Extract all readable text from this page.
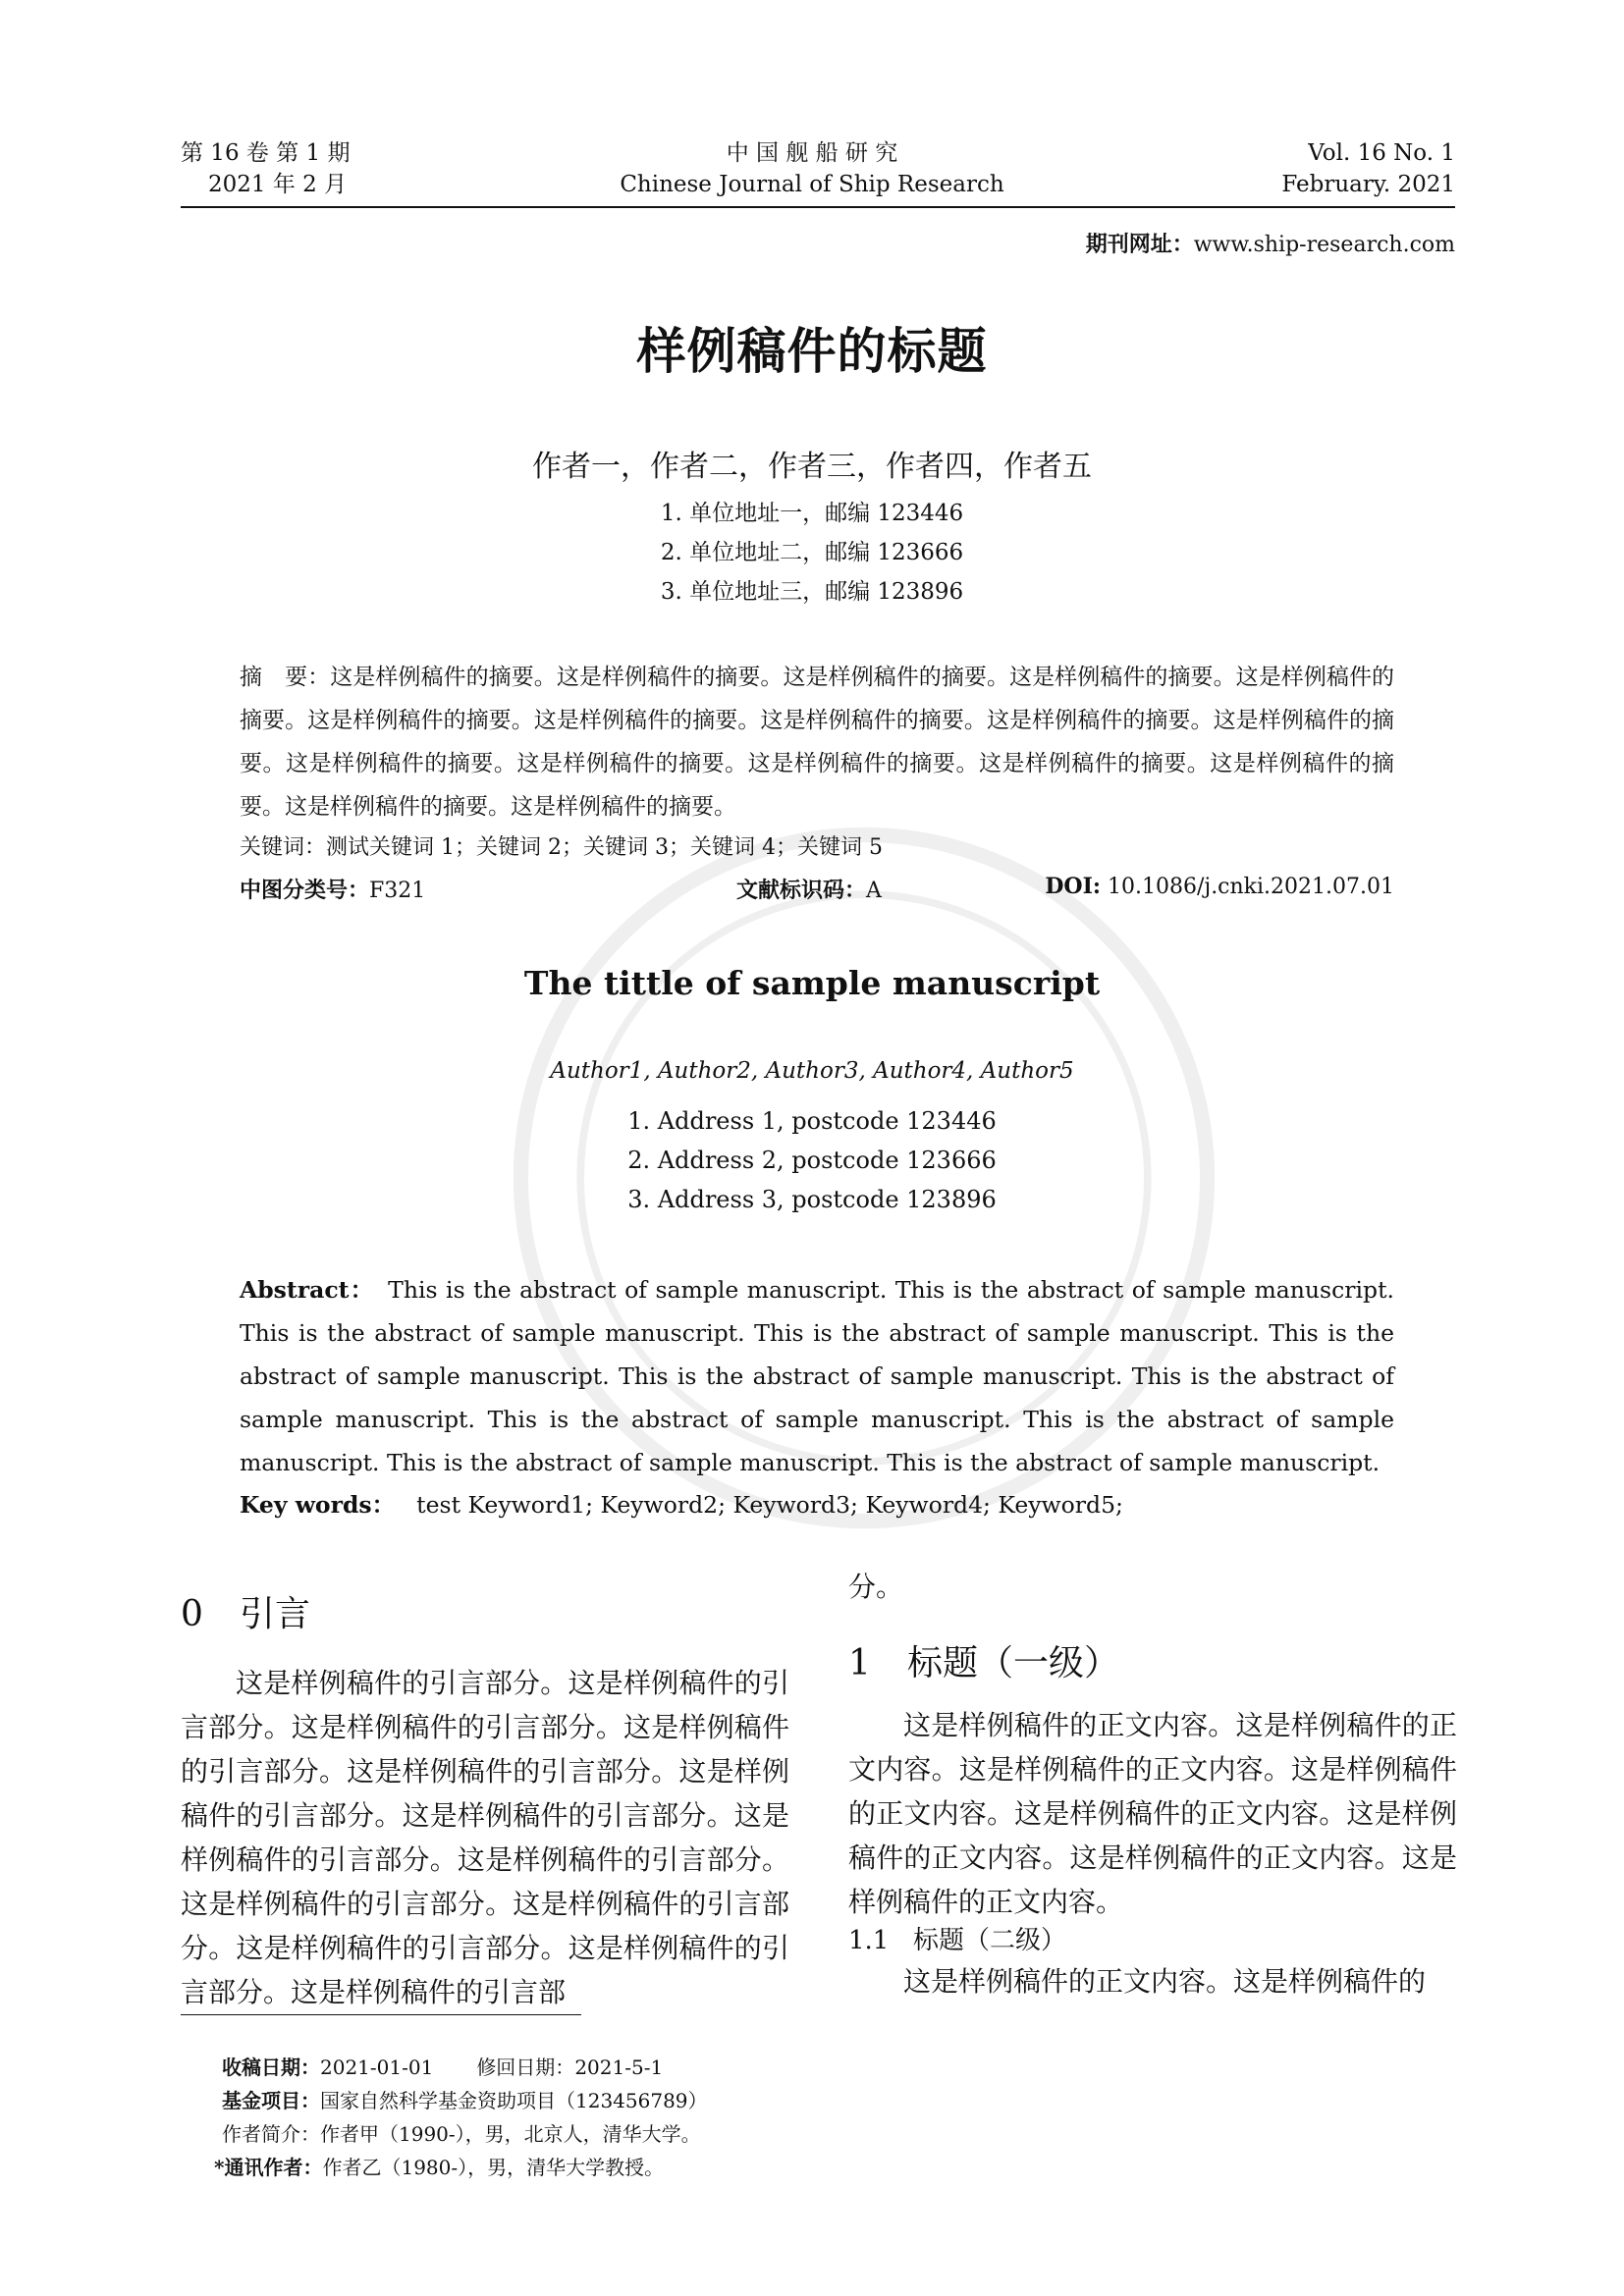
第 16 卷 第 1 期
2021 年 2 月
中 国 舰 船 研 究
Chinese Journal of Ship Research
Vol. 16 No. 1
February. 2021
期刊网址：www.ship-research.com
样例稿件的标题
作者一，作者二，作者三，作者四，作者五
1. 单位地址一，邮编 123446
2. 单位地址二，邮编 123666
3. 单位地址三，邮编 123896
摘　要：这是样例稿件的摘要。这是样例稿件的摘要。这是样例稿件的摘要。这是样例稿件的摘要。这是样例稿件的摘要。这是样例稿件的摘要。这是样例稿件的摘要。这是样例稿件的摘要。这是样例稿件的摘要。这是样例稿件的摘要。这是样例稿件的摘要。这是样例稿件的摘要。这是样例稿件的摘要。这是样例稿件的摘要。这是样例稿件的摘要。这是样例稿件的摘要。这是样例稿件的摘要。
关键词：测试关键词 1；关键词 2；关键词 3；关键词 4；关键词 5
中图分类号：F321	文献标识码：A	DOI: 10.1086/j.cnki.2021.07.01
The tittle of sample manuscript
Author1, Author2, Author3, Author4, Author5
1. Address 1, postcode 123446
2. Address 2, postcode 123666
3. Address 3, postcode 123896
Abstract： This is the abstract of sample manuscript. This is the abstract of sample manuscript. This is the abstract of sample manuscript. This is the abstract of sample manuscript. This is the abstract of sample manuscript. This is the abstract of sample manuscript. This is the abstract of sample manuscript. This is the abstract of sample manuscript. This is the abstract of sample manuscript. This is the abstract of sample manuscript. This is the abstract of sample manuscript.
Key words： test Keyword1; Keyword2; Keyword3; Keyword4; Keyword5;
0 引言

这是样例稿件的引言部分。这是样例稿件的引言部分。这是样例稿件的引言部分。这是样例稿件的引言部分。这是样例稿件的引言部分。这是样例稿件的引言部分。这是样例稿件的引言部分。这是样例稿件的引言部分。这是样例稿件的引言部分。这是样例稿件的引言部分。这是样例稿件的引言部分。这是样例稿件的引言部分。这是样例稿件的引言部分。这是样例稿件的引言部

分。
1 标题（一级）

这是样例稿件的正文内容。这是样例稿件的正文内容。这是样例稿件的正文内容。这是样例稿件的正文内容。这是样例稿件的正文内容。这是样例稿件的正文内容。这是样例稿件的正文内容。这是样例稿件的正文内容。

1.1 标题（二级）

这是样例稿件的正文内容。这是样例稿件的

收稿日期：2021-01-01 修回日期：2021-5-1
基金项目：国家自然科学基金资助项目（123456789）
作者简介：作者甲（1990-），男，北京人，清华大学。
*通讯作者：作者乙（1980-），男，清华大学教授。
